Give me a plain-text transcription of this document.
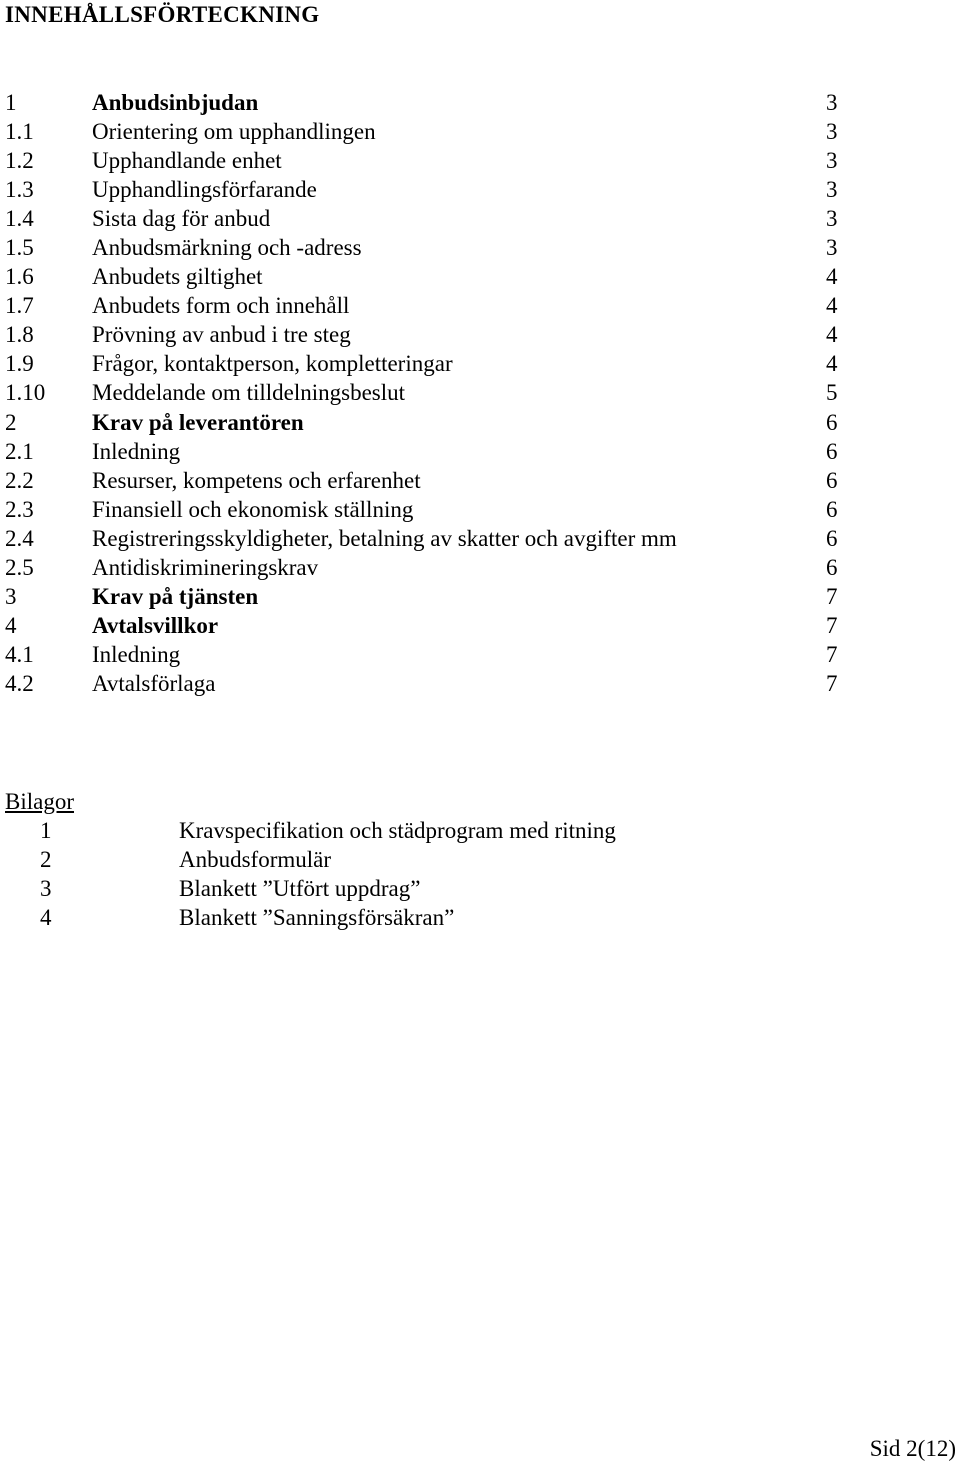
INNEHÅLLSFÖRTECKNING
1	Anbudsinbjudan	3
1.1	Orientering om upphandlingen	3
1.2	Upphandlande enhet	3
1.3	Upphandlingsförfarande	3
1.4	Sista dag för anbud	3
1.5	Anbudsmärkning och -adress	3
1.6	Anbudets giltighet	4
1.7	Anbudets form och innehåll	4
1.8	Prövning av anbud i tre steg	4
1.9	Frågor, kontaktperson, kompletteringar	4
1.10 Meddelande om tilldelningsbeslut	5
2	Krav på leverantören	6
2.1	Inledning	6
2.2	Resurser, kompetens och erfarenhet	6
2.3	Finansiell och ekonomisk ställning	6
2.4	Registreringsskyldigheter, betalning av skatter och avgifter mm	6
2.5	Antidiskrimineringskrav	6
3	Krav på tjänsten	7
4	Avtalsvillkor	7
4.1	Inledning	7
4.2	Avtalsförlaga	7
Bilagor
1	Kravspecifikation och städprogram med ritning
2	Anbudsformulär
3	Blankett ”Utfört uppdrag”
4	Blankett ”Sanningsförsäkran”
Sid 2(12)
